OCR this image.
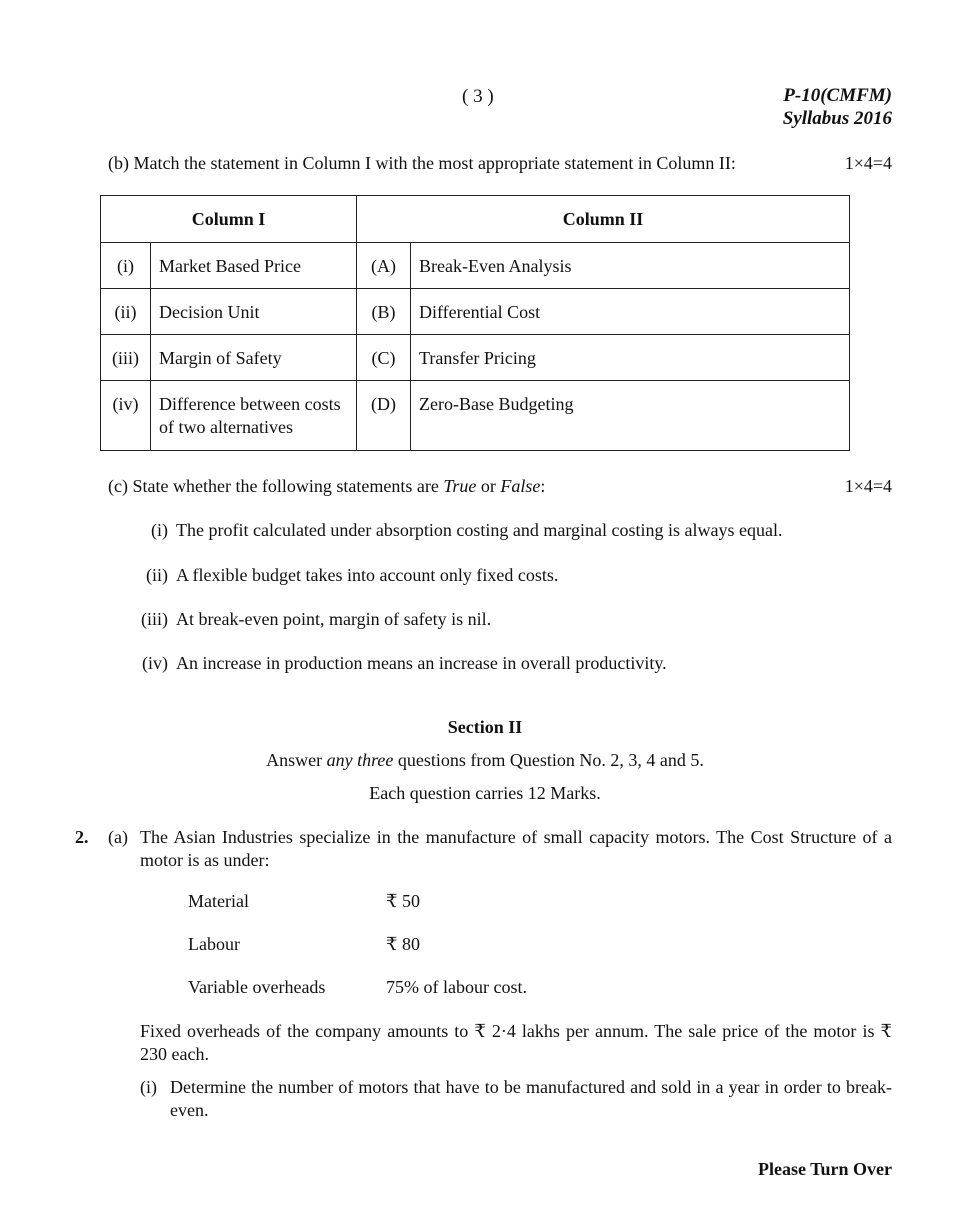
( 3 )	P-10(CMFM)
Syllabus 2016
(b) Match the statement in Column I with the most appropriate statement in Column II:	1×4=4
Column I		Column II	
(i)	Market Based Price	(A)	Break-Even Analysis
(ii)	Decision Unit	(B)	Differential Cost
(iii)	Margin of Safety	(C)	Transfer Pricing
(iv)	Difference between costs of two alternatives	(D)	Zero-Base Budgeting
(c) State whether the following statements are True or False:	1×4=4
(i) The profit calculated under absorption costing and marginal costing is always equal.
(ii) A flexible budget takes into account only fixed costs.
(iii) At break-even point, margin of safety is nil.
(iv) An increase in production means an increase in overall productivity.
Section II
Answer any three questions from Question No. 2, 3, 4 and 5.
Each question carries 12 Marks.
2.	(a) The Asian Industries specialize in the manufacture of small capacity motors. The Cost Structure of a motor is as under:
Material	₹ 50
Labour	₹ 80
Variable overheads	75% of labour cost.
Fixed overheads of the company amounts to ₹ 2·4 lakhs per annum. The sale price of the motor is ₹ 230 each.
(i) Determine the number of motors that have to be manufactured and sold in a year in order to break-even.
Please Turn Over
